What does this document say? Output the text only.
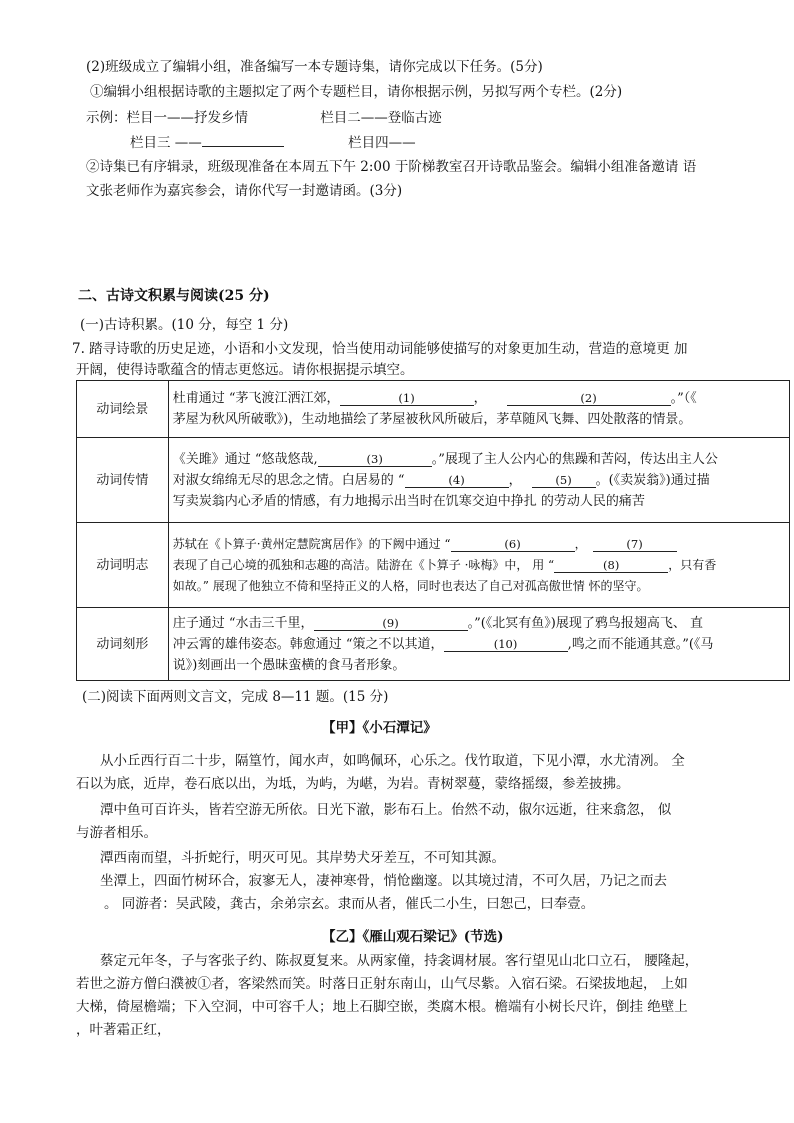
(2)班级成立了编辑小组，准备编写一本专题诗集，请你完成以下任务。(5分)
①编辑小组根据诗歌的主题拟定了两个专题栏目，请你根据示例，另拟写两个专栏。(2分)
示例：栏目一——抒发乡情	栏目二——登临古迹
栏目三 ——	栏目四——
②诗集已有序辑录，班级现准备在本周五下午 2:00 于阶梯教室召开诗歌品鉴会。编辑小组准备邀请 语
文张老师作为嘉宾参会，请你代写一封邀请函。(3分)
二、古诗文积累与阅读(25 分)
(一)古诗积累。(10 分，每空 1 分)
7. 踏寻诗歌的历史足迹，小语和小文发现，恰当使用动词能够使描写的对象更加生动，营造的意境更 加
开阔，使得诗歌蕴含的情志更悠远。请你根据提示填空。
动词绘景	杜甫通过 “茅飞渡江洒江郊， (1) ， (2) 。”（《
茅屋为秋风所破歌》)，生动地描绘了茅屋被秋风所破后，茅草随风飞舞、四处散落的情景。
动词传情	《关雎》通过 “悠哉悠哉, (3) 。”展现了主人公内心的焦躁和苦闷，传达出主人公
对淑女绵绵无尽的思念之情。白居易的 “ (4) ， (5) 。(《卖炭翁》)通过描
写卖炭翁内心矛盾的情感，有力地揭示出当时在饥寒交迫中挣扎 的劳动人民的痛苦
动词明志	苏轼在《卜算子·黄州定慧院寓居作》的下阙中通过 “ (6) ， (7)
表现了自己心境的孤独和志趣的高洁。陆游在《卜算子 ·咏梅》中， 用 “ (8) ，只有香
如故。” 展现了他独立不倚和坚持正义的人格，同时也表达了自己对孤高傲世情 怀的坚守。
动词刻形	庄子通过 “水击三千里， (9) 。”(《北冥有鱼》)展现了鸦鸟报翅高飞、 直
冲云霄的雄伟姿态。韩愈通过 “策之不以其道， (10) ,鸣之而不能通其意。”(《马
说》)刻画出一个愚昧蛮横的食马者形象。
(二)阅读下面两则文言文，完成 8—11 题。(15 分)
【甲】《小石潭记》
从小丘西行百二十步，隔篁竹，闻水声，如鸣佩环，心乐之。伐竹取道，下见小潭，水尤清冽。 全
石以为底，近岸，卷石底以出，为坻，为屿，为嵁，为岩。青树翠蔓，蒙络摇缀，参差披拂。
潭中鱼可百许头，皆若空游无所依。日光下澈，影布石上。佁然不动，俶尔远逝，往来翕忽， 似
与游者相乐。
潭西南而望，斗折蛇行，明灭可见。其岸势犬牙差互，不可知其源。
坐潭上，四面竹树环合，寂寥无人，凄神寒骨，悄怆幽邃。以其境过清，不可久居，乃记之而去
。 同游者：吴武陵，龚古，余弟宗玄。隶而从者，催氏二小生，曰恕己，曰奉壹。
【乙】《雁山观石梁记》(节选)
蔡定元年冬，子与客张子约、陈叔夏复来。从两家僮，持衾调材展。客行望见山北口立石， 腰隆起，
若世之游方僧臼濮被①者，客梁然而笑。时落日正射东南山，山气尽紫。入宿石梁。石梁拔地起， 上如
大梯，倚屋檐端；下入空洞，中可容千人；地上石脚空嵌，类腐木根。檐端有小树长尺许，倒挂 绝壁上
，叶著霜正红，
